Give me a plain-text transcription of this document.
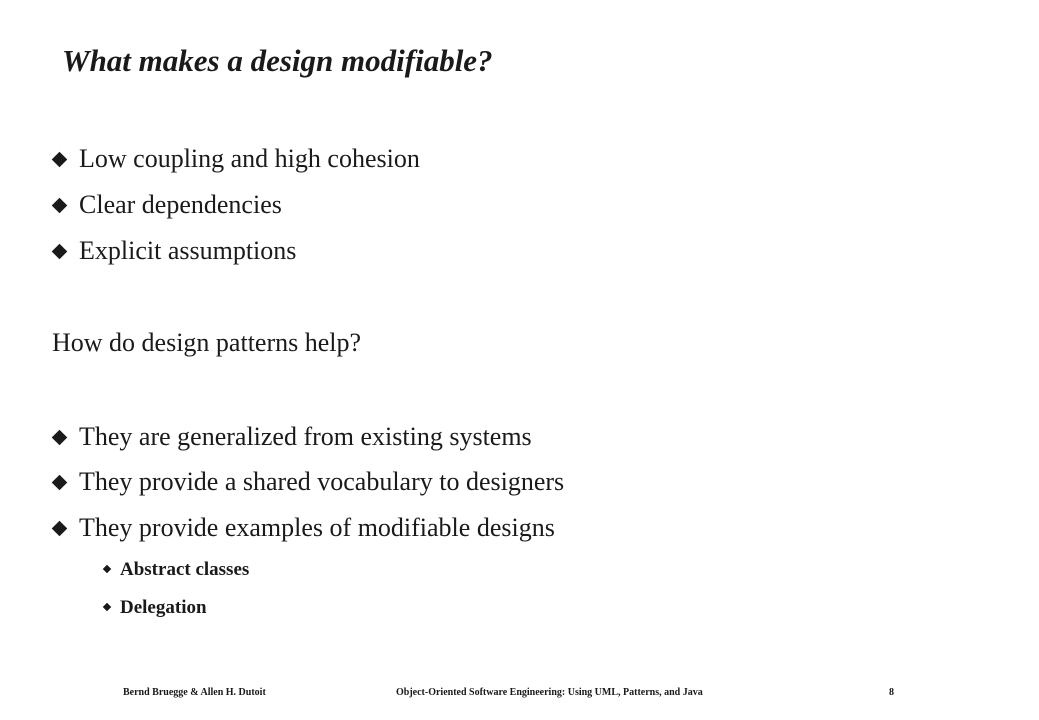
What makes a design modifiable?
Low coupling and high cohesion
Clear dependencies
Explicit assumptions
How do design patterns help?
They are generalized from existing systems
They provide a shared vocabulary to designers
They provide examples of modifiable designs
Abstract classes
Delegation
Bernd Bruegge & Allen H. Dutoit	Object-Oriented Software Engineering: Using UML, Patterns, and Java	8
